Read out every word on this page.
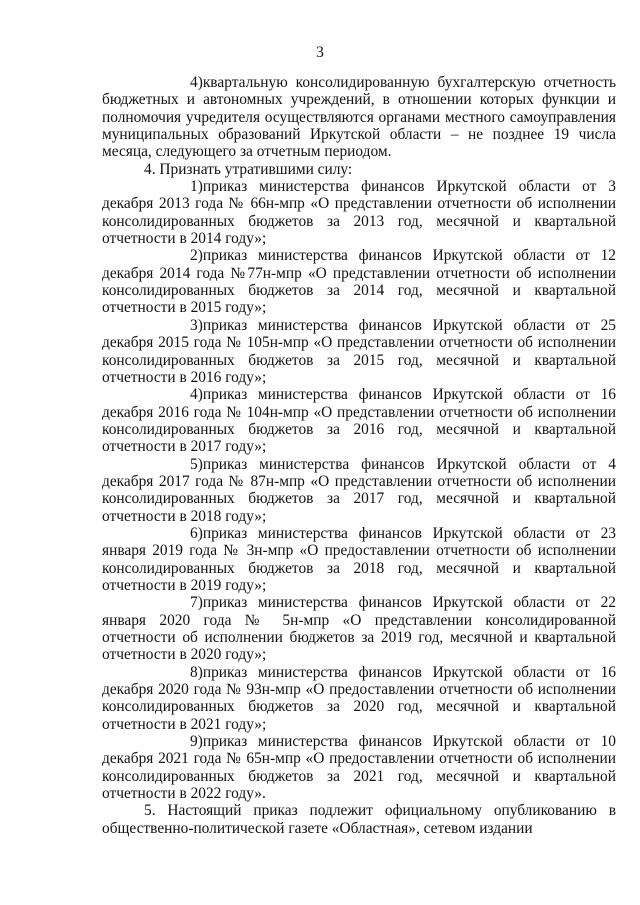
3

4)квартальную консолидированную бухгалтерскую отчетность бюджетных и автономных учреждений, в отношении которых функции и полномочия учредителя осуществляются органами местного самоуправления муниципальных образований Иркутской области – не позднее 19 числа месяца, следующего за отчетным периодом.

4. Признать утратившими силу:

1)приказ министерства финансов Иркутской области от 3 декабря 2013 года № 66н-мпр «О представлении отчетности об исполнении консолидированных бюджетов за 2013 год, месячной и квартальной отчетности в 2014 году»;

2)приказ министерства финансов Иркутской области от 12 декабря 2014 года №77н-мпр «О представлении отчетности об исполнении консолидированных бюджетов за 2014 год, месячной и квартальной отчетности в 2015 году»;

3)приказ министерства финансов Иркутской области от 25 декабря 2015 года № 105н-мпр «О представлении отчетности об исполнении консолидированных бюджетов за 2015 год, месячной и квартальной отчетности в 2016 году»;

4)приказ министерства финансов Иркутской области от 16 декабря 2016 года № 104н-мпр «О представлении отчетности об исполнении консолидированных бюджетов за 2016 год, месячной и квартальной отчетности в 2017 году»;

5)приказ министерства финансов Иркутской области от 4 декабря 2017 года № 87н-мпр «О представлении отчетности об исполнении консолидированных бюджетов за 2017 год, месячной и квартальной отчетности в 2018 году»;

6)приказ министерства финансов Иркутской области от 23 января 2019 года № 3н-мпр «О предоставлении отчетности об исполнении консолидированных бюджетов за 2018 год, месячной и квартальной отчетности в 2019 году»;

7)приказ министерства финансов Иркутской области от 22 января 2020 года № 5н-мпр «О представлении консолидированной отчетности об исполнении бюджетов за 2019 год, месячной и квартальной отчетности в 2020 году»;

8)приказ министерства финансов Иркутской области от 16 декабря 2020 года № 93н-мпр «О предоставлении отчетности об исполнении консолидированных бюджетов за 2020 год, месячной и квартальной отчетности в 2021 году»;

9)приказ министерства финансов Иркутской области от 10 декабря 2021 года № 65н-мпр «О предоставлении отчетности об исполнении консолидированных бюджетов за 2021 год, месячной и квартальной отчетности в 2022 году».

5. Настоящий приказ подлежит официальному опубликованию в общественно-политической газете «Областная», сетевом издании
